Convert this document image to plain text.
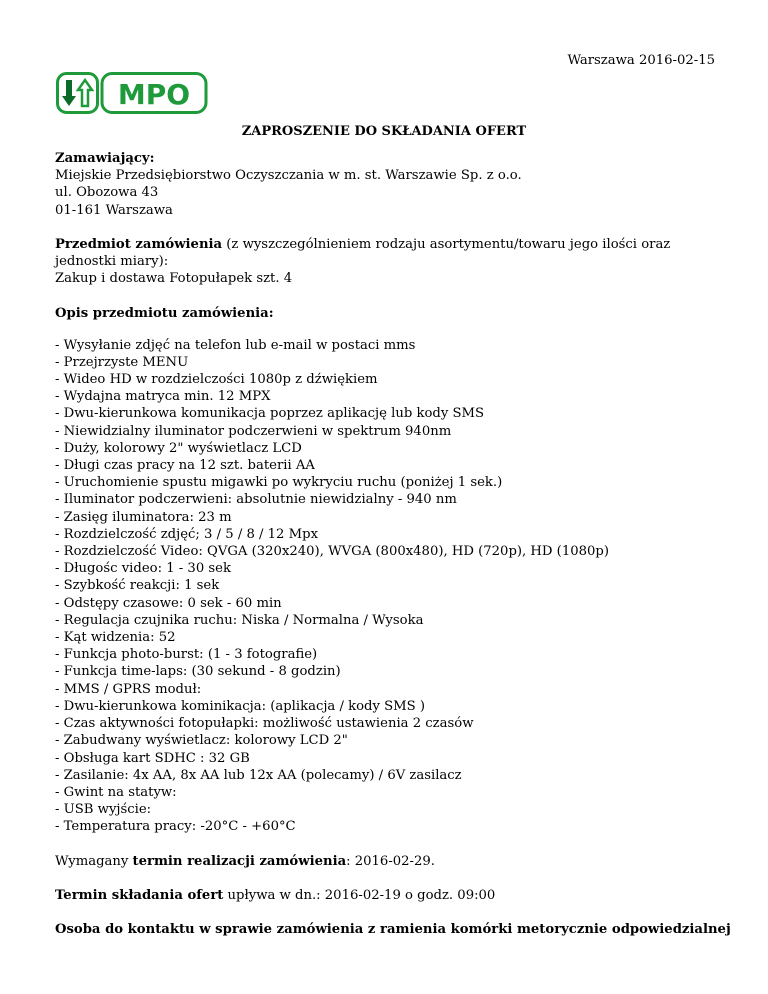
Warszawa 2016-02-15
MPO
ZAPROSZENIE DO SKŁADANIA OFERT

Zamawiający:

Miejskie Przedsiębiorstwo Oczyszczania w m. st. Warszawie Sp. z o.o.

ul. Obozowa 43

01-161 Warszawa

Przedmiot zamówienia (z wyszczególnieniem rodzaju asortymentu/towaru jego ilości oraz jednostki miary):

Zakup i dostawa Fotopułapek szt. 4

Opis przedmiotu zamówienia:

- Wysyłanie zdjęć na telefon lub e-mail w postaci mms

- Przejrzyste MENU

- Wideo HD w rozdzielczości 1080p z dźwiękiem

- Wydajna matryca min. 12 MPX

- Dwu-kierunkowa komunikacja poprzez aplikację lub kody SMS

- Niewidzialny iluminator podczerwieni w spektrum 940nm

- Duży, kolorowy 2" wyświetlacz LCD

- Długi czas pracy na 12 szt. baterii AA

- Uruchomienie spustu migawki po wykryciu ruchu (poniżej 1 sek.)

- Iluminator podczerwieni: absolutnie niewidzialny - 940 nm

- Zasięg iluminatora: 23 m

- Rozdzielczość zdjęć; 3 / 5 / 8 / 12 Mpx

- Rozdzielczość Video: QVGA (320x240), WVGA (800x480), HD (720p), HD (1080p)

- Długośc video: 1 - 30 sek

- Szybkość reakcji: 1 sek

- Odstępy czasowe: 0 sek - 60 min

- Regulacja czujnika ruchu: Niska / Normalna / Wysoka

- Kąt widzenia: 52

- Funkcja photo-burst: (1 - 3 fotografie)

- Funkcja time-laps: (30 sekund - 8 godzin)

- MMS / GPRS moduł:

- Dwu-kierunkowa kominikacja: (aplikacja / kody SMS )

- Czas aktywności fotopułapki: możliwość ustawienia 2 czasów

- Zabudwany wyświetlacz: kolorowy LCD 2"

- Obsługa kart SDHC : 32 GB

- Zasilanie: 4x AA, 8x AA lub 12x AA (polecamy) / 6V zasilacz

- Gwint na statyw:

- USB wyjście:

- Temperatura pracy: -20°C - +60°C

Wymagany termin realizacji zamówienia: 2016-02-29.

Termin składania ofert upływa w dn.: 2016-02-19 o godz. 09:00

Osoba do kontaktu w sprawie zamówienia z ramienia komórki metorycznie odpowiedzialnej
